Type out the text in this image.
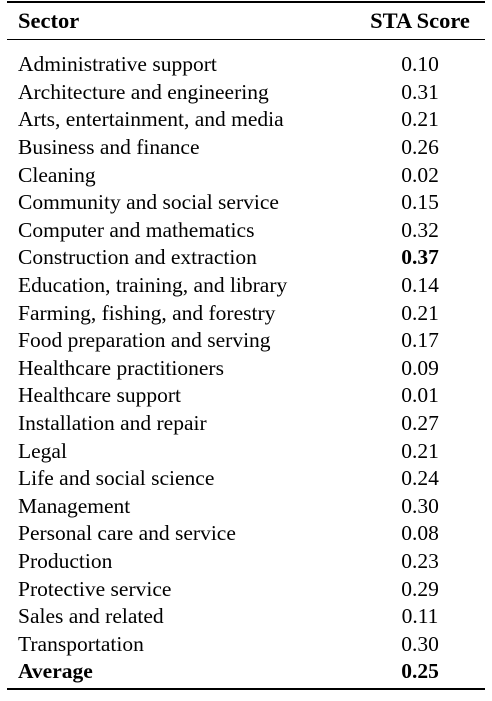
Sector	STA Score
Administrative support	0.10
Architecture and engineering	0.31
Arts, entertainment, and media	0.21
Business and finance	0.26
Cleaning	0.02
Community and social service	0.15
Computer and mathematics	0.32
Construction and extraction	0.37
Education, training, and library	0.14
Farming, fishing, and forestry	0.21
Food preparation and serving	0.17
Healthcare practitioners	0.09
Healthcare support	0.01
Installation and repair	0.27
Legal	0.21
Life and social science	0.24
Management	0.30
Personal care and service	0.08
Production	0.23
Protective service	0.29
Sales and related	0.11
Transportation	0.30
Average	0.25
